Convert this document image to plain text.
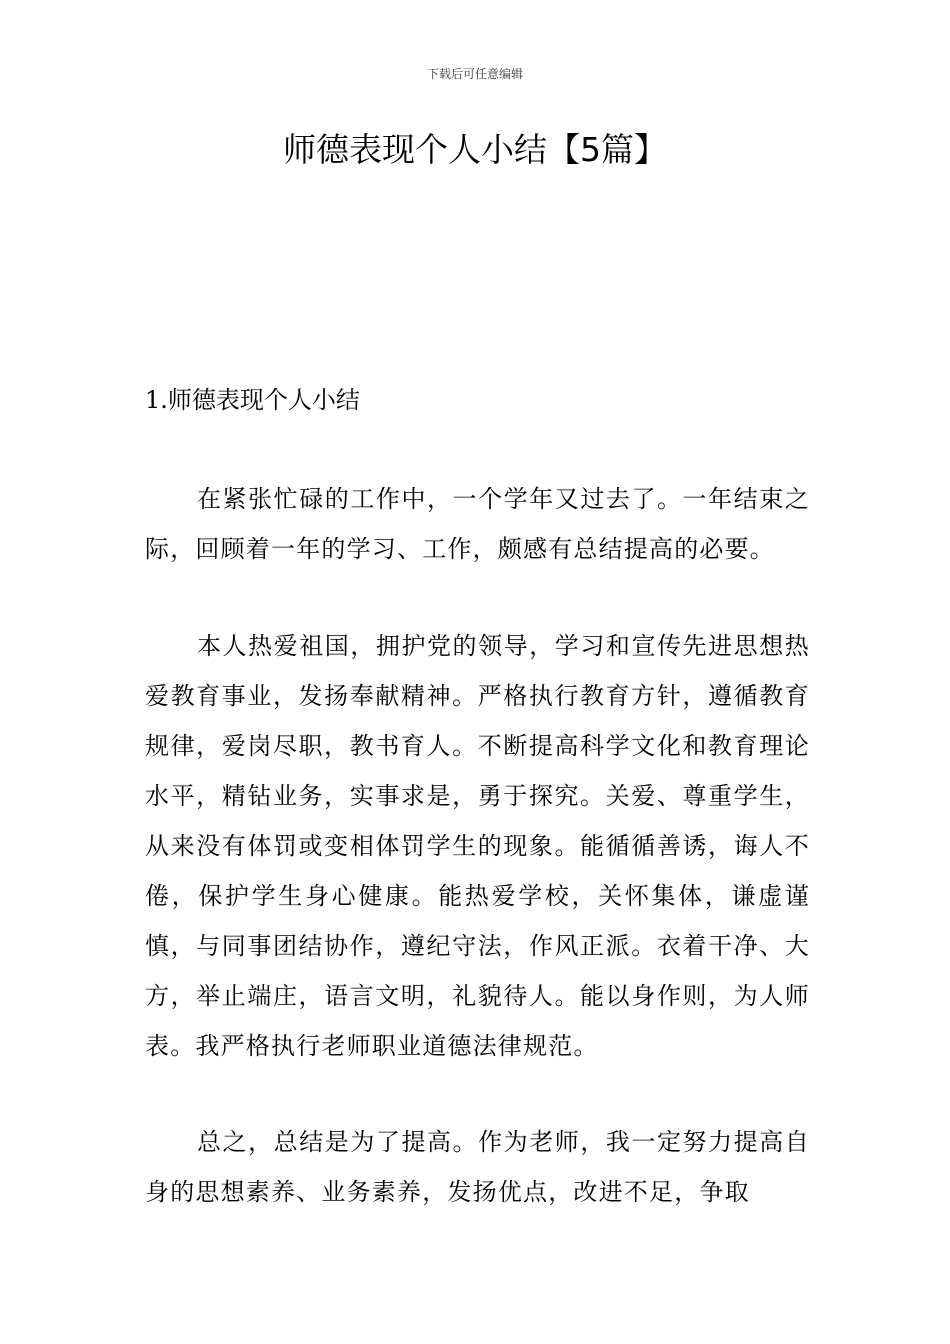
下载后可任意编辑
师德表现个人小结【5篇】
1.师德表现个人小结

在紧张忙碌的工作中，一个学年又过去了。一年结束之际，回顾着一年的学习、工作，颇感有总结提高的必要。

本人热爱祖国，拥护党的领导，学习和宣传先进思想热爱教育事业，发扬奉献精神。严格执行教育方针，遵循教育规律，爱岗尽职，教书育人。不断提高科学文化和教育理论水平，精钻业务，实事求是，勇于探究。关爱、尊重学生，从来没有体罚或变相体罚学生的现象。能循循善诱，诲人不倦，保护学生身心健康。能热爱学校，关怀集体，谦虚谨慎，与同事团结协作，遵纪守法，作风正派。衣着干净、大方，举止端庄，语言文明，礼貌待人。能以身作则，为人师表。我严格执行老师职业道德法律规范。

总之，总结是为了提高。作为老师，我一定努力提高自身的思想素养、业务素养，发扬优点，改进不足，争取
